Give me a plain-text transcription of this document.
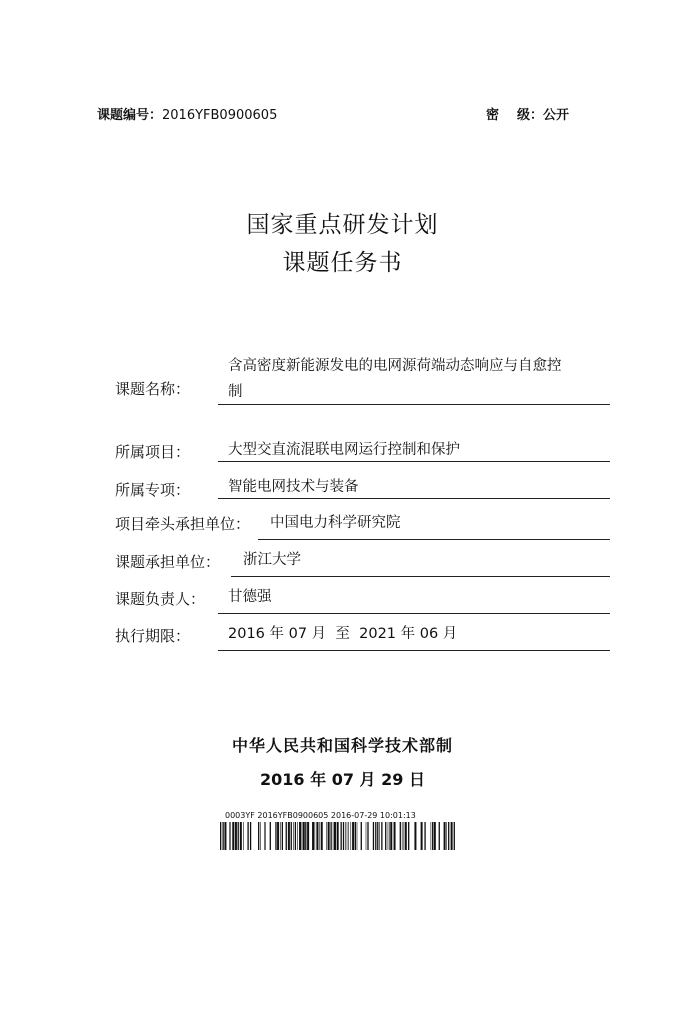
课题编号：2016YFB0900605	密级：公开
国家重点研发计划
课题任务书
课题名称：
含高密度新能源发电的电网源荷端动态响应与自愈控
制
所属项目：	大型交直流混联电网运行控制和保护
所属专项：	智能电网技术与装备
项目牵头承担单位： 中国电力科学研究院
课题承担单位： 浙江大学
课题负责人： 甘德强
执行期限：	2016 年 07 月  至  2021 年 06 月
中华人民共和国科学技术部制
2016 年 07 月 29 日
0003YF 2016YFB0900605 2016-07-29 10:01:13
